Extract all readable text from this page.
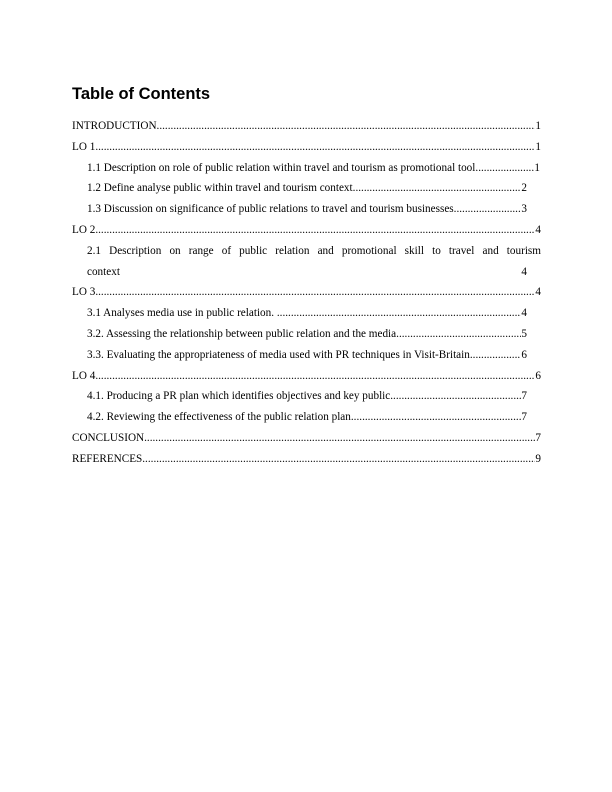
Table of Contents
INTRODUCTION .....	1
LO 1 .....	1
1.1 Description on role of public relation within travel and tourism as promotional tool. .....	1
1.2 Define analyse public within travel and tourism context .....	2
1.3 Discussion on significance of public relations to travel and tourism businesses .....	3
LO 2 .....	4
2.1 Description on range of public relation and promotional skill to travel and tourism
context	4
LO 3 .....	4
3.1 Analyses media use in public relation. .....	4
3.2. Assessing the relationship between public relation and the media .....	5
3.3. Evaluating the appropriateness of media used with PR techniques in Visit-Britain .....	6
LO 4 .....	6
4.1. Producing a PR plan which identifies objectives and key public .....	7
4.2. Reviewing the effectiveness of the public relation plan .....	7
CONCLUSION .....	7
REFERENCES .....	9
